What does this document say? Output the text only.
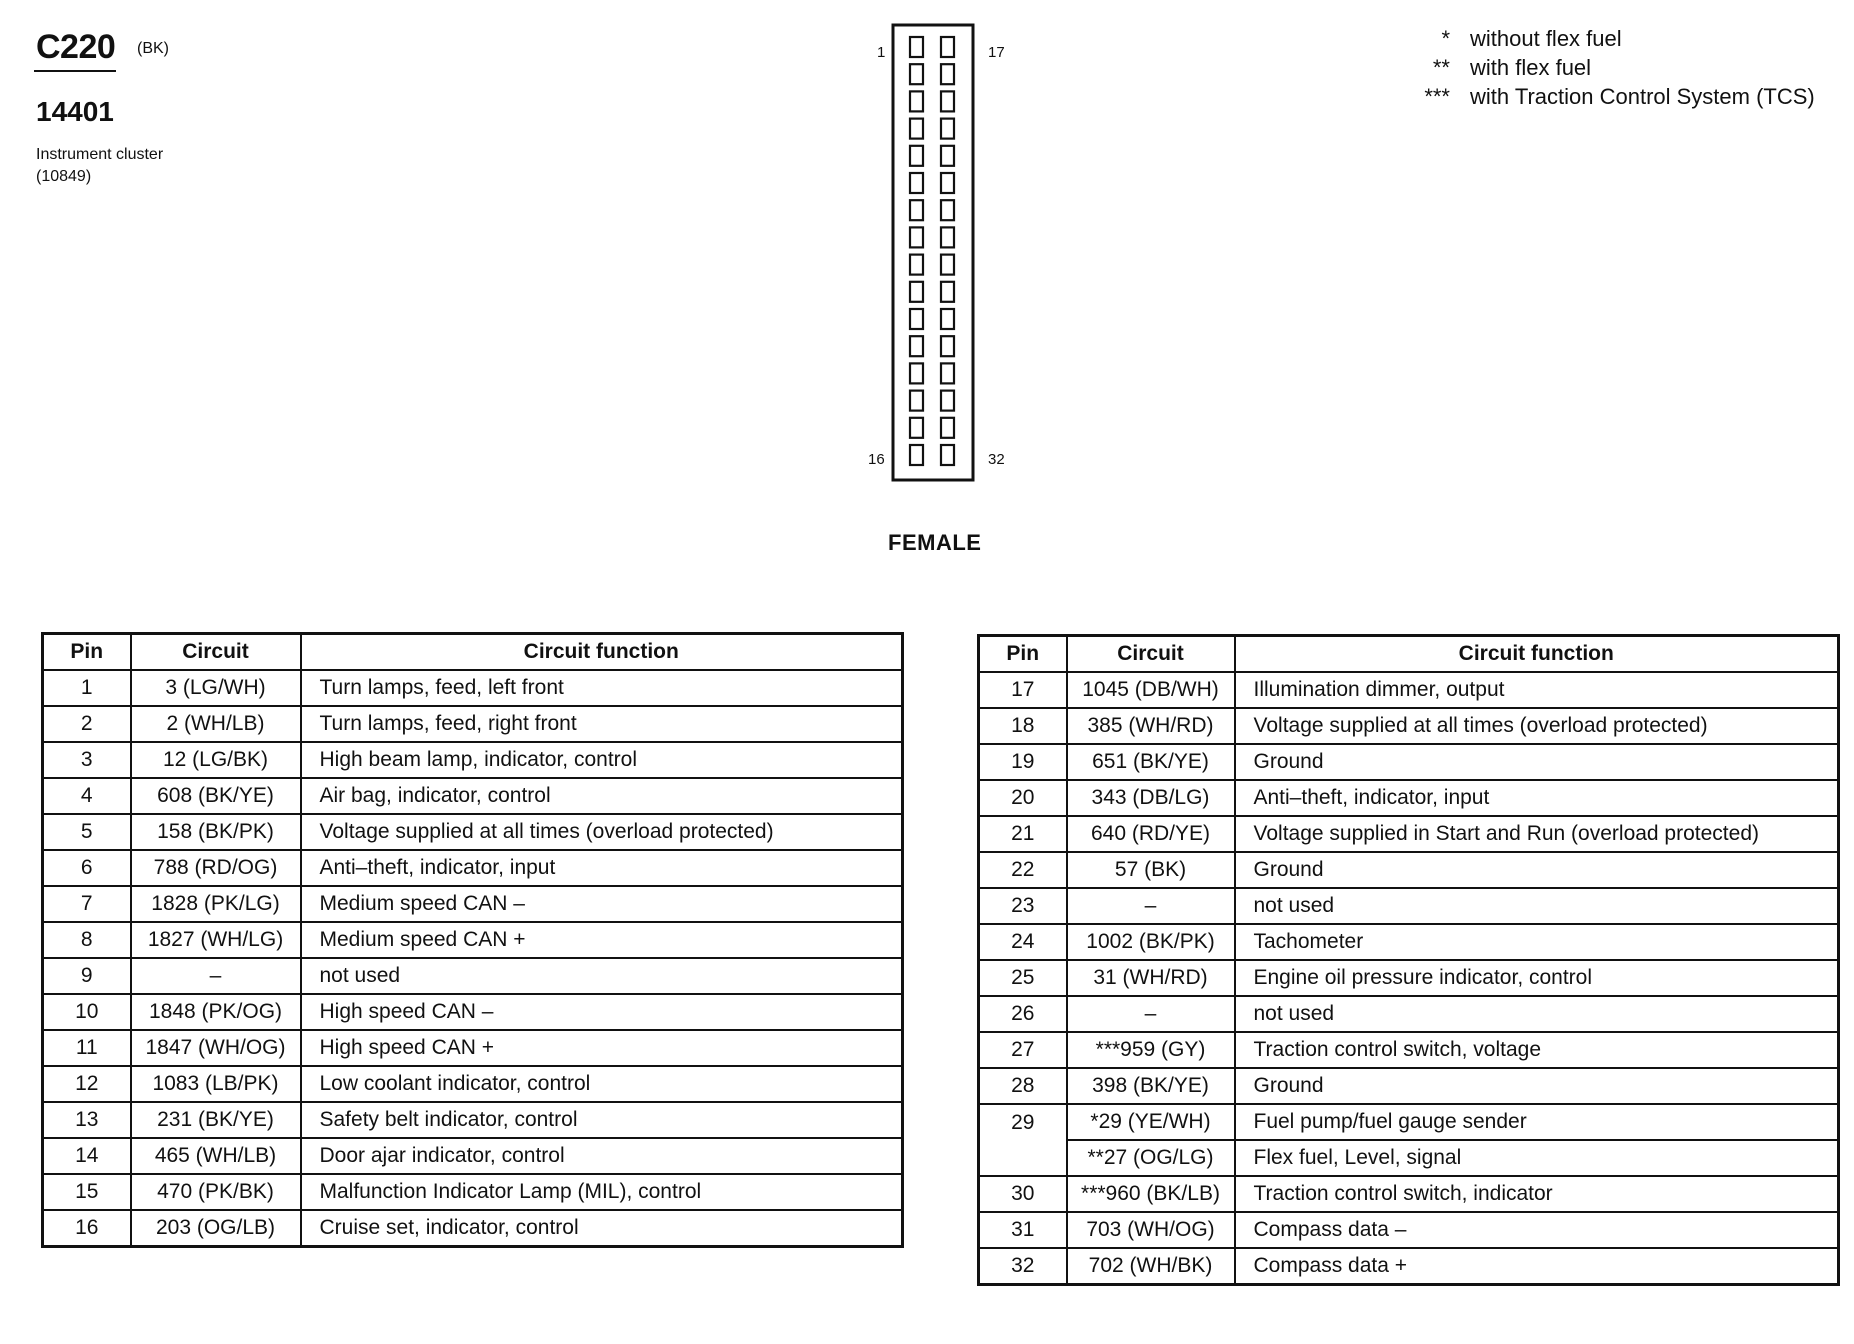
C220 (BK)
14401
Instrument cluster
(10849)
1	17
16	32
FEMALE
* without flex fuel
** with flex fuel
*** with Traction Control System (TCS)
Pin	Circuit	Circuit function
1	3 (LG/WH)	Turn lamps, feed, left front
2	2 (WH/LB)	Turn lamps, feed, right front
3	12 (LG/BK)	High beam lamp, indicator, control
4	608 (BK/YE)	Air bag, indicator, control
5	158 (BK/PK)	Voltage supplied at all times (overload protected)
6	788 (RD/OG)	Anti–theft, indicator, input
7	1828 (PK/LG)	Medium speed CAN –
8	1827 (WH/LG)	Medium speed CAN +
9	–	not used
10	1848 (PK/OG)	High speed CAN –
11	1847 (WH/OG)	High speed CAN +
12	1083 (LB/PK)	Low coolant indicator, control
13	231 (BK/YE)	Safety belt indicator, control
14	465 (WH/LB)	Door ajar indicator, control
15	470 (PK/BK)	Malfunction Indicator Lamp (MIL), control
16	203 (OG/LB)	Cruise set, indicator, control
Pin	Circuit	Circuit function
17	1045 (DB/WH)	Illumination dimmer, output
18	385 (WH/RD)	Voltage supplied at all times (overload protected)
19	651 (BK/YE)	Ground
20	343 (DB/LG)	Anti–theft, indicator, input
21	640 (RD/YE)	Voltage supplied in Start and Run (overload protected)
22	57 (BK)	Ground
23	–	not used
24	1002 (BK/PK)	Tachometer
25	31 (WH/RD)	Engine oil pressure indicator, control
26	–	not used
27	***959 (GY)	Traction control switch, voltage
28	398 (BK/YE)	Ground
29	*29 (YE/WH)	Fuel pump/fuel gauge sender
	**27 (OG/LG)	Flex fuel, Level, signal
30	***960 (BK/LB)	Traction control switch, indicator
31	703 (WH/OG)	Compass data –
32	702 (WH/BK)	Compass data +
